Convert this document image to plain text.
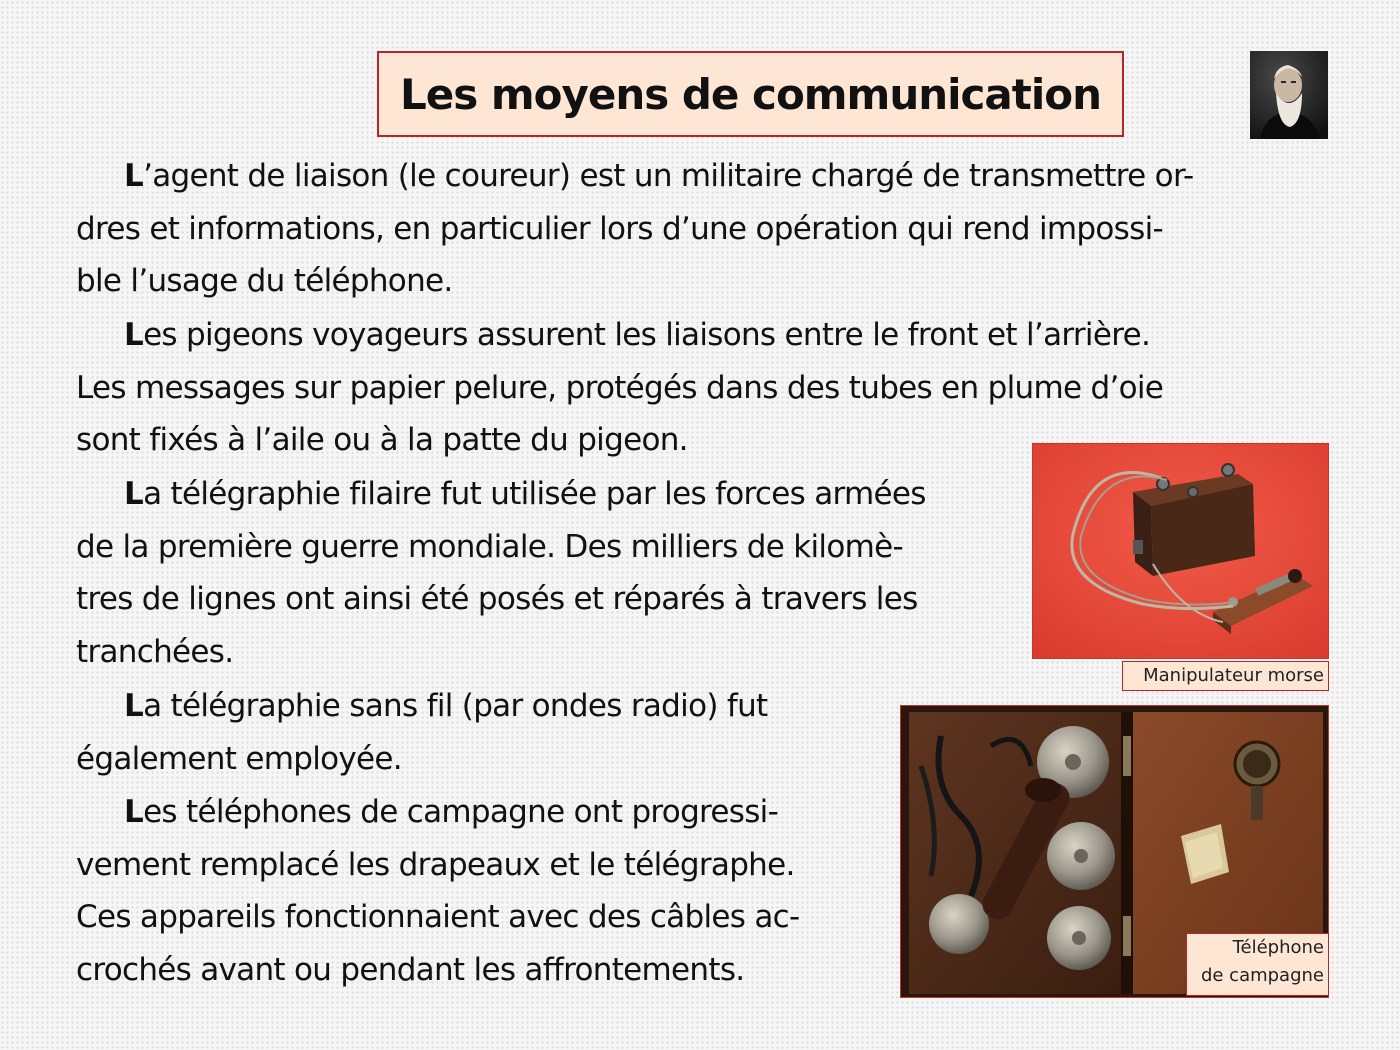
Les moyens de communication

L’agent de liaison (le coureur) est un militaire chargé de transmettre or-
dres et informations, en particulier lors d’une opération qui rend impossi-
ble l’usage du téléphone.

Les pigeons voyageurs assurent les liaisons entre le front et l’arrière.
Les messages sur papier pelure, protégés dans des tubes en plume d’oie
sont fixés à l’aile ou à la patte du pigeon.

La télégraphie filaire fut utilisée par les forces armées
de la première guerre mondiale. Des milliers de kilomè-
tres de lignes ont ainsi été posés et réparés à travers les
tranchées.

La télégraphie sans fil (par ondes radio) fut
également employée.

Les téléphones de campagne ont progressi-
vement remplacé les drapeaux et le télégraphe.
Ces appareils fonctionnaient avec des câbles ac-
crochés avant ou pendant les affrontements.

Manipulateur morse
Téléphone
de campagne
